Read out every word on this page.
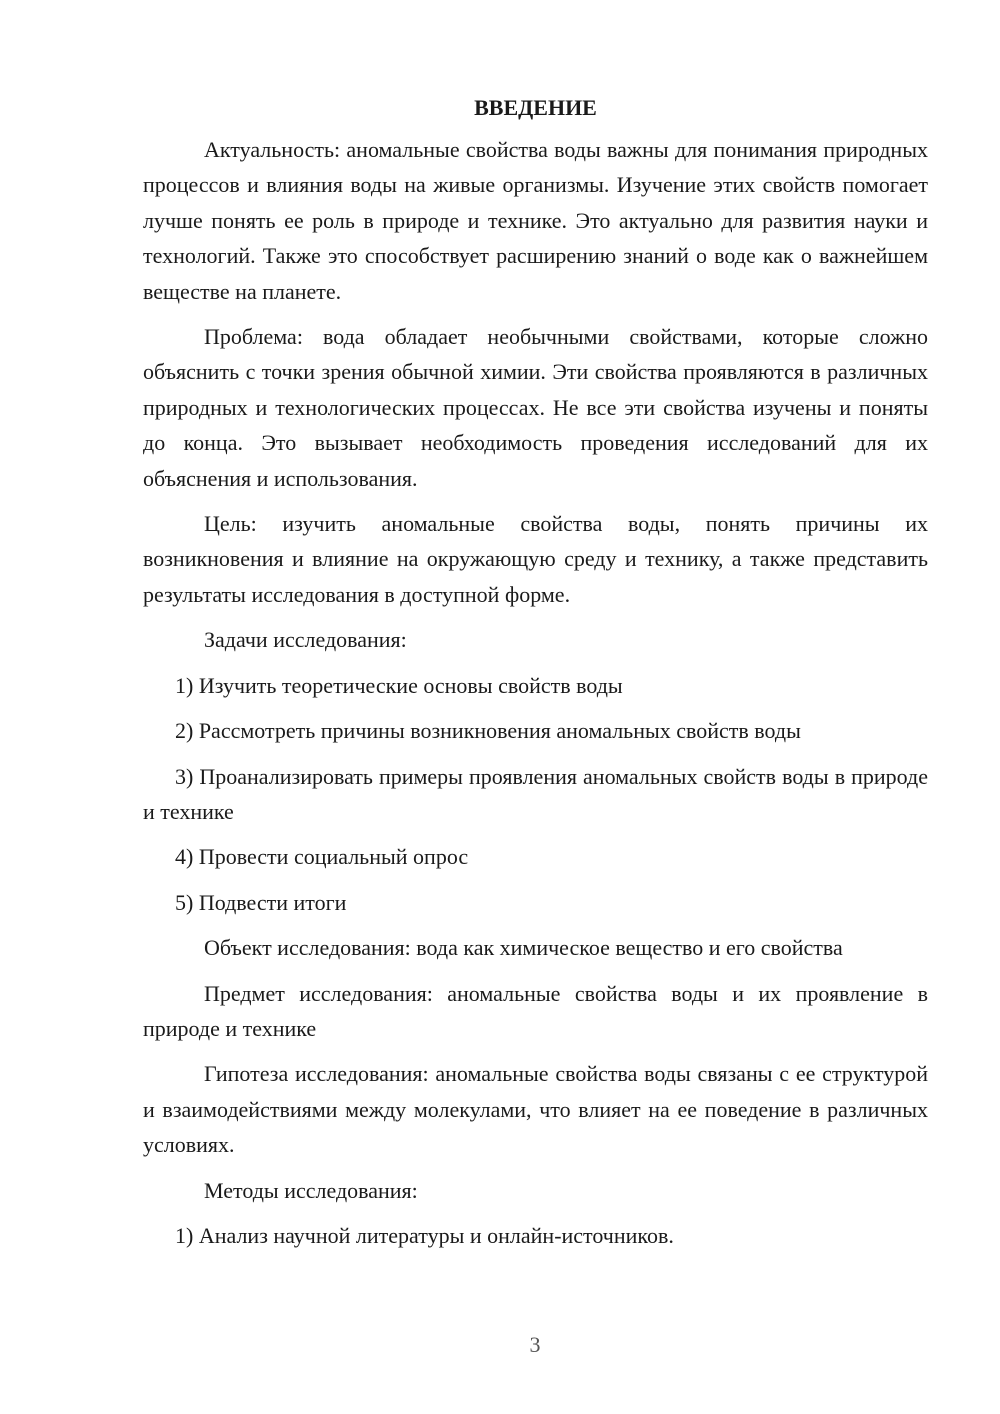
ВВЕДЕНИЕ

Актуальность: аномальные свойства воды важны для понимания природных процессов и влияния воды на живые организмы. Изучение этих свойств помогает лучше понять ее роль в природе и технике. Это актуально для развития науки и технологий. Также это способствует расширению знаний о воде как о важнейшем веществе на планете.

Проблема: вода обладает необычными свойствами, которые сложно объяснить с точки зрения обычной химии. Эти свойства проявляются в различных природных и технологических процессах. Не все эти свойства изучены и поняты до конца. Это вызывает необходимость проведения исследований для их объяснения и использования.

Цель: изучить аномальные свойства воды, понять причины их возникновения и влияние на окружающую среду и технику, а также представить результаты исследования в доступной форме.

Задачи исследования:

1) Изучить теоретические основы свойств воды

2) Рассмотреть причины возникновения аномальных свойств воды

3) Проанализировать примеры проявления аномальных свойств воды в природе и технике

4) Провести социальный опрос

5) Подвести итоги

Объект исследования: вода как химическое вещество и его свойства

Предмет исследования: аномальные свойства воды и их проявление в природе и технике

Гипотеза исследования: аномальные свойства воды связаны с ее структурой и взаимодействиями между молекулами, что влияет на ее поведение в различных условиях.

Методы исследования:

1) Анализ научной литературы и онлайн-источников.

3
